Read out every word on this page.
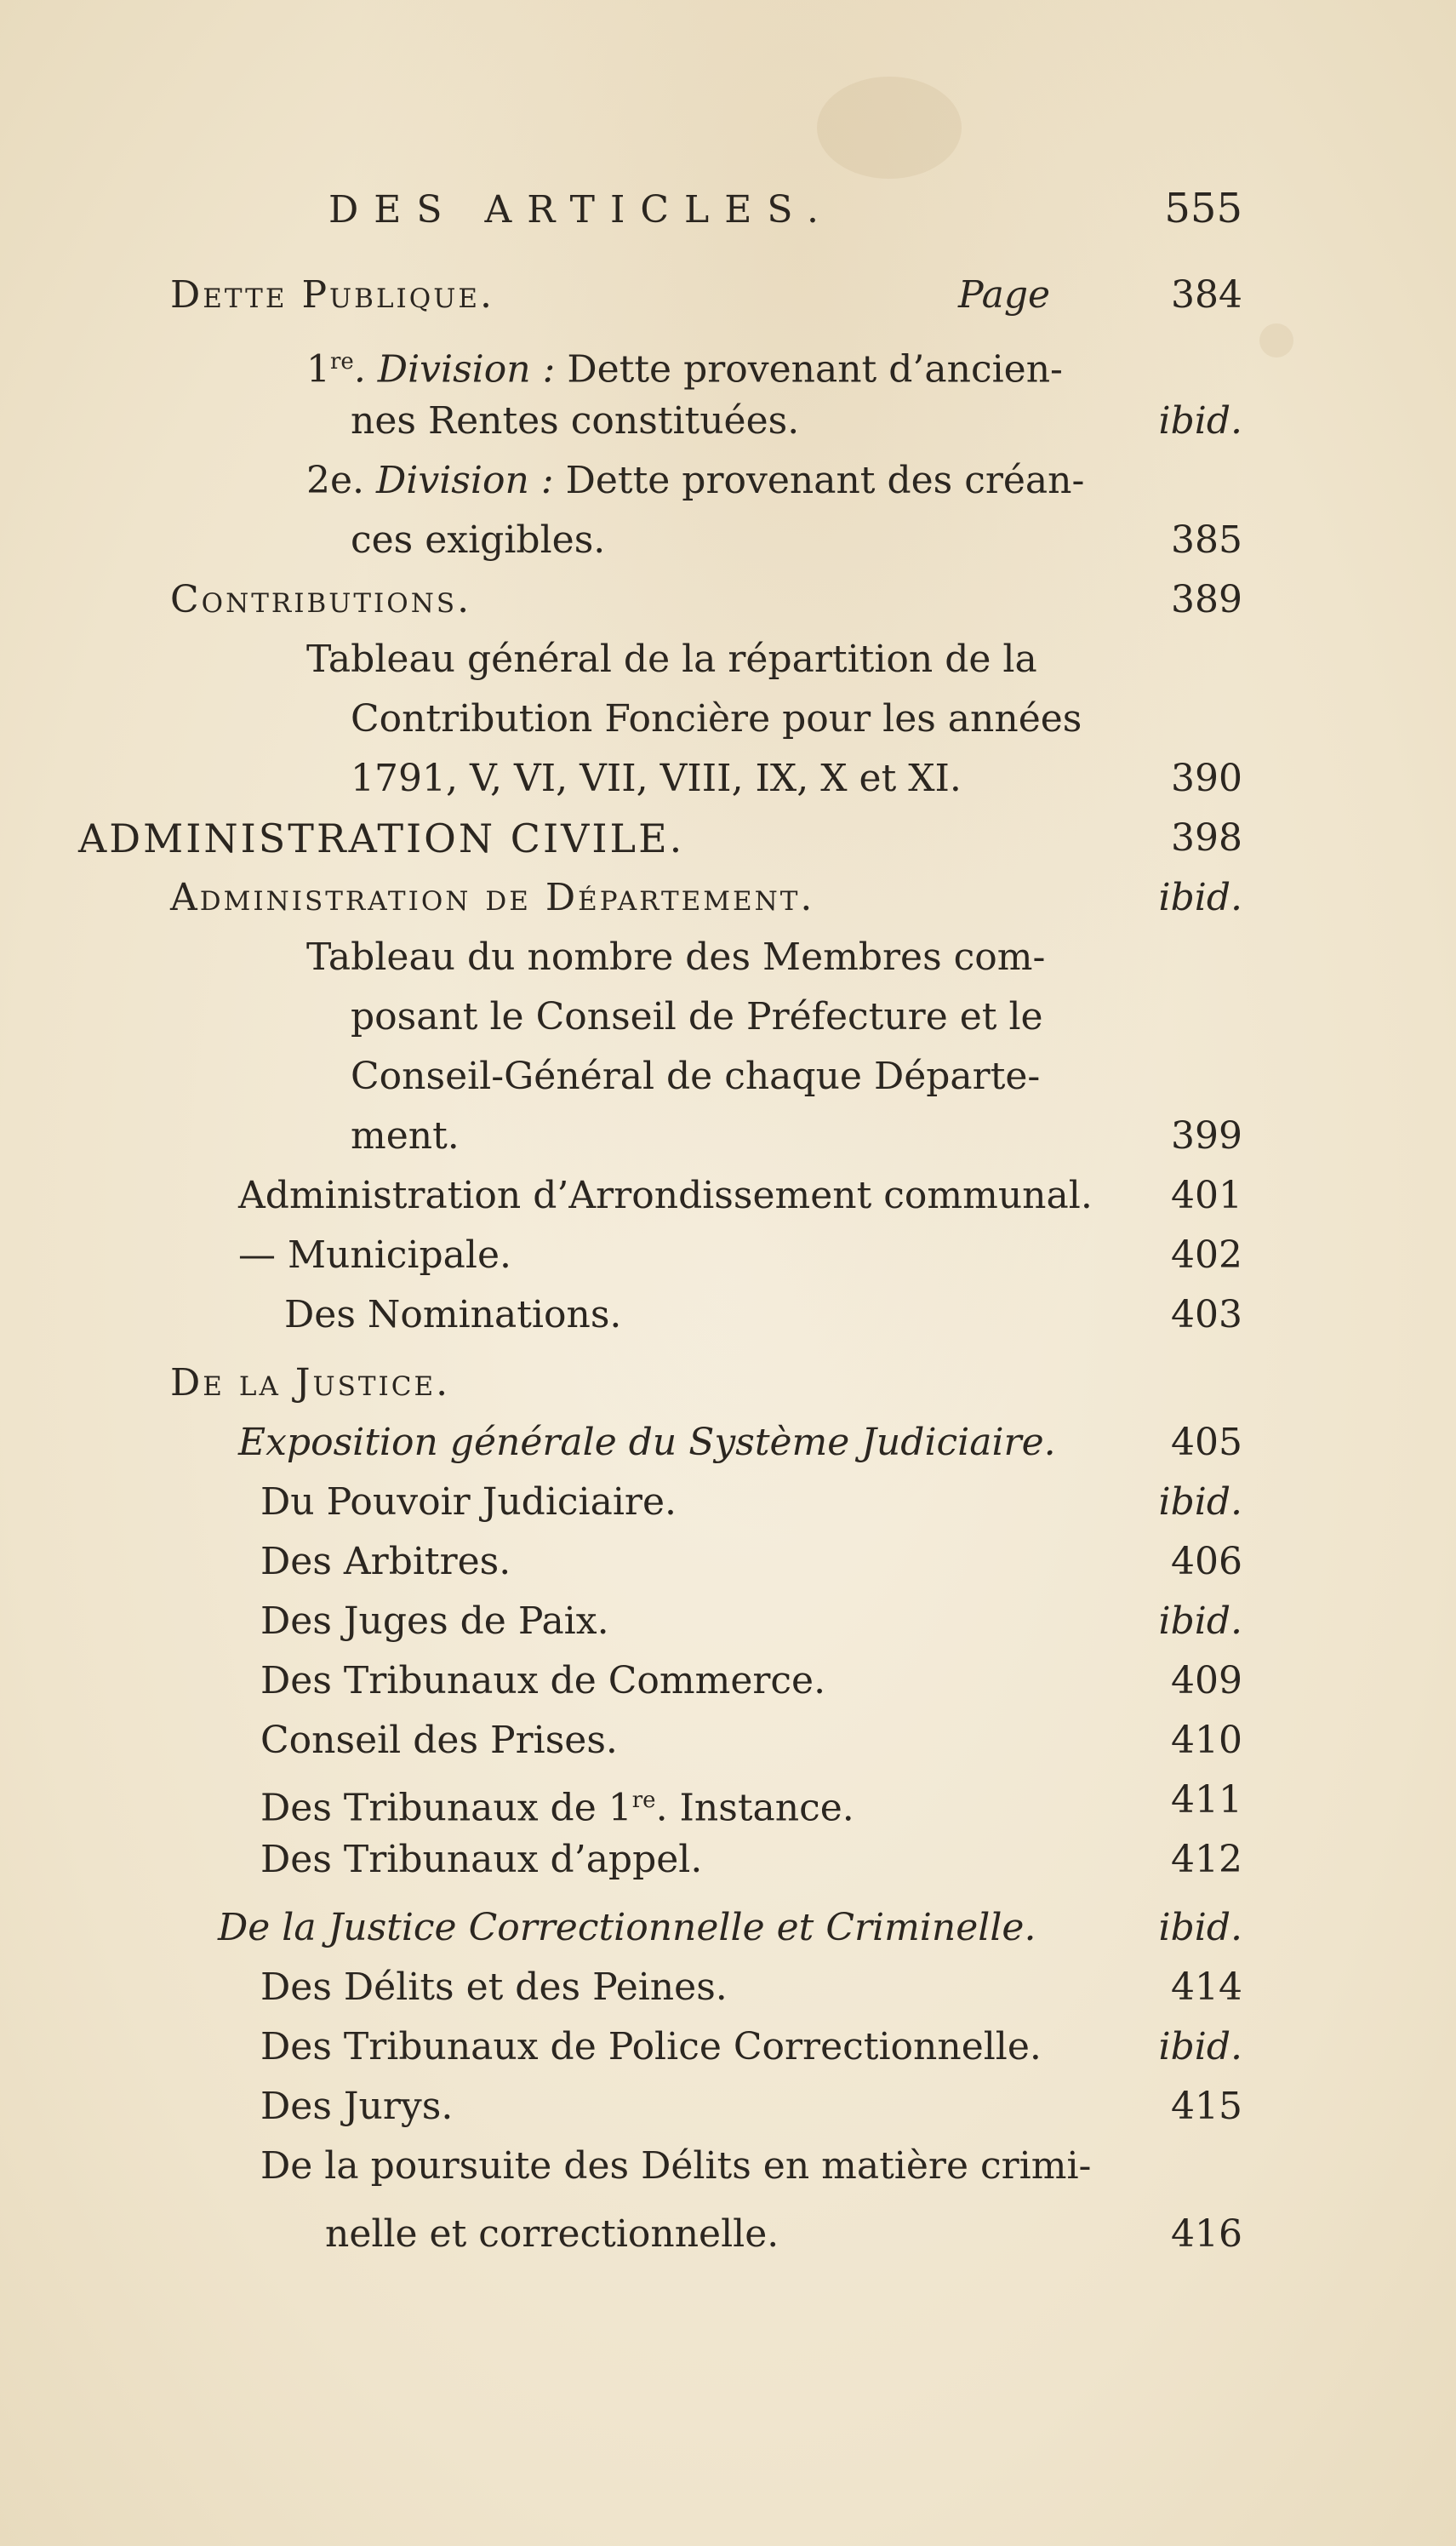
DES ARTICLES.	555
Dette Publique.	Page	384
1re. Division : Dette provenant d’ancien-
nes Rentes constituées.	ibid.
2e. Division : Dette provenant des créan-
ces exigibles.	385
Contributions.	389
Tableau général de la répartition de la
Contribution Foncière pour les années
1791, V, VI, VII, VIII, IX, X et XI.	390
ADMINISTRATION CIVILE.	398
Administration de Département.	ibid.
Tableau du nombre des Membres com-
posant le Conseil de Préfecture et le
Conseil-Général de chaque Départe-
ment.	399
Administration d’Arrondissement communal.	401
— Municipale.	402
Des Nominations.	403
De la Justice.
Exposition générale du Système Judiciaire.	405
Du Pouvoir Judiciaire.	ibid.
Des Arbitres.	406
Des Juges de Paix.	ibid.
Des Tribunaux de Commerce.	409
Conseil des Prises.	410
Des Tribunaux de 1re. Instance.	411
Des Tribunaux d’appel.	412
De la Justice Correctionnelle et Criminelle.	ibid.
Des Délits et des Peines.	414
Des Tribunaux de Police Correctionnelle.	ibid.
Des Jurys.	415
De la poursuite des Délits en matière crimi-
nelle et correctionnelle.	416
